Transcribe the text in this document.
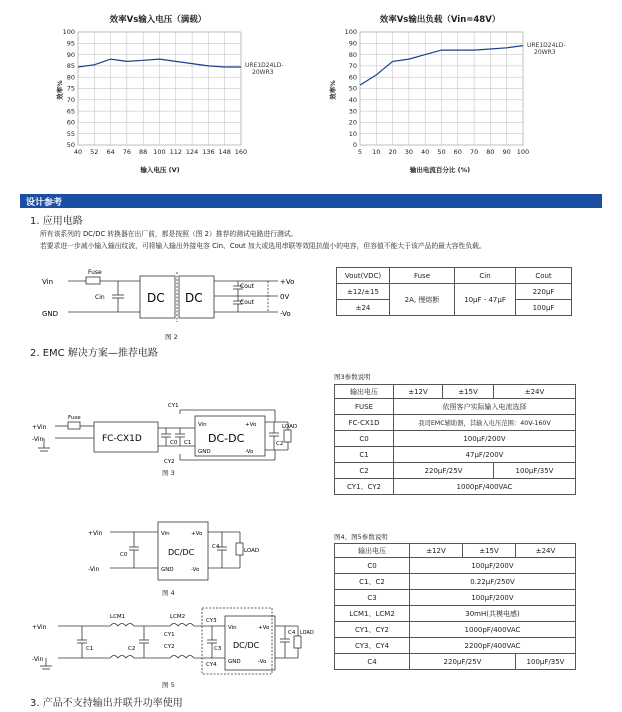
效率Vs输入电压（满载）	效率Vs输出负载（Vin=48V）
100
95
90
85
80
75
70
65
60
55
50
40 52 64 76 88 100 112 124 136 148 160
效率%
输入电压 (V)
URE1D24LD-
20WR3
100
90
80
70
60
50
40
30
20
10
0
5 10 20 30 40 50 60 70 80 90 100
效率%
输出电流百分比 (%)
URE1D24LD-
20WR3
设计参考
1. 应用电路
所有该系列的 DC/DC 转换器在出厂前，都是按照（图 2）推荐的测试电路进行测试。
若要求进一步减小输入输出纹波，可将输入输出外接电容 Cin、Cout 加大或选用串联等效阻抗值小的电容，但容值不能大于该产品的最大容性负载。
Vin
GND
Fuse
Cin	DC DC
Cout
Cout
+Vo
0V
-Vo
图 2
Vout(VDC)	Fuse	Cin	Cout
±12/±15	2A, 慢熔断	10μF - 47μF	220μF
±24			100μF
2. EMC 解决方案—推荐电路
+Vin
-Vin
Fuse
FC-CX1D	DC-DC
CY1
CY2
C0 C1	C2
Vin
GND
+Vo
-Vo
LOAD
图 3
图3参数说明
输出电压	±12V	±15V	±24V
FUSE	依照客户实际输入电流选择		
FC-CX1D	我司EMC辅助器，其输入电压范围：40V-160V		
C0	100μF/200V		
C1	47μF/200V		
C2	220μF/25V		100μF/35V
CY1、CY2	1000pF/400VAC		
+Vin
-Vin
C0
C4
DC/DC
Vin
GND
+Vo
-Vo
LOAD
图 4
+Vin
-Vin
LCM1	LCM2
C1	C2	C3
C4
CY1
CY2
CY3
CY4
DC/DC
Vin
GND
+Vo
-Vo
LOAD
图 5
图4、图5参数说明
输出电压	±12V	±15V	±24V
C0	100μF/200V		
C1、C2	0.22μF/250V		
C3	100μF/200V		
LCM1、LCM2	30mH(共模电感)		
CY1、CY2	1000pF/400VAC		
CY3、CY4	2200pF/400VAC		
C4	220μF/25V		100μF/35V
3. 产品不支持输出并联升功率使用
